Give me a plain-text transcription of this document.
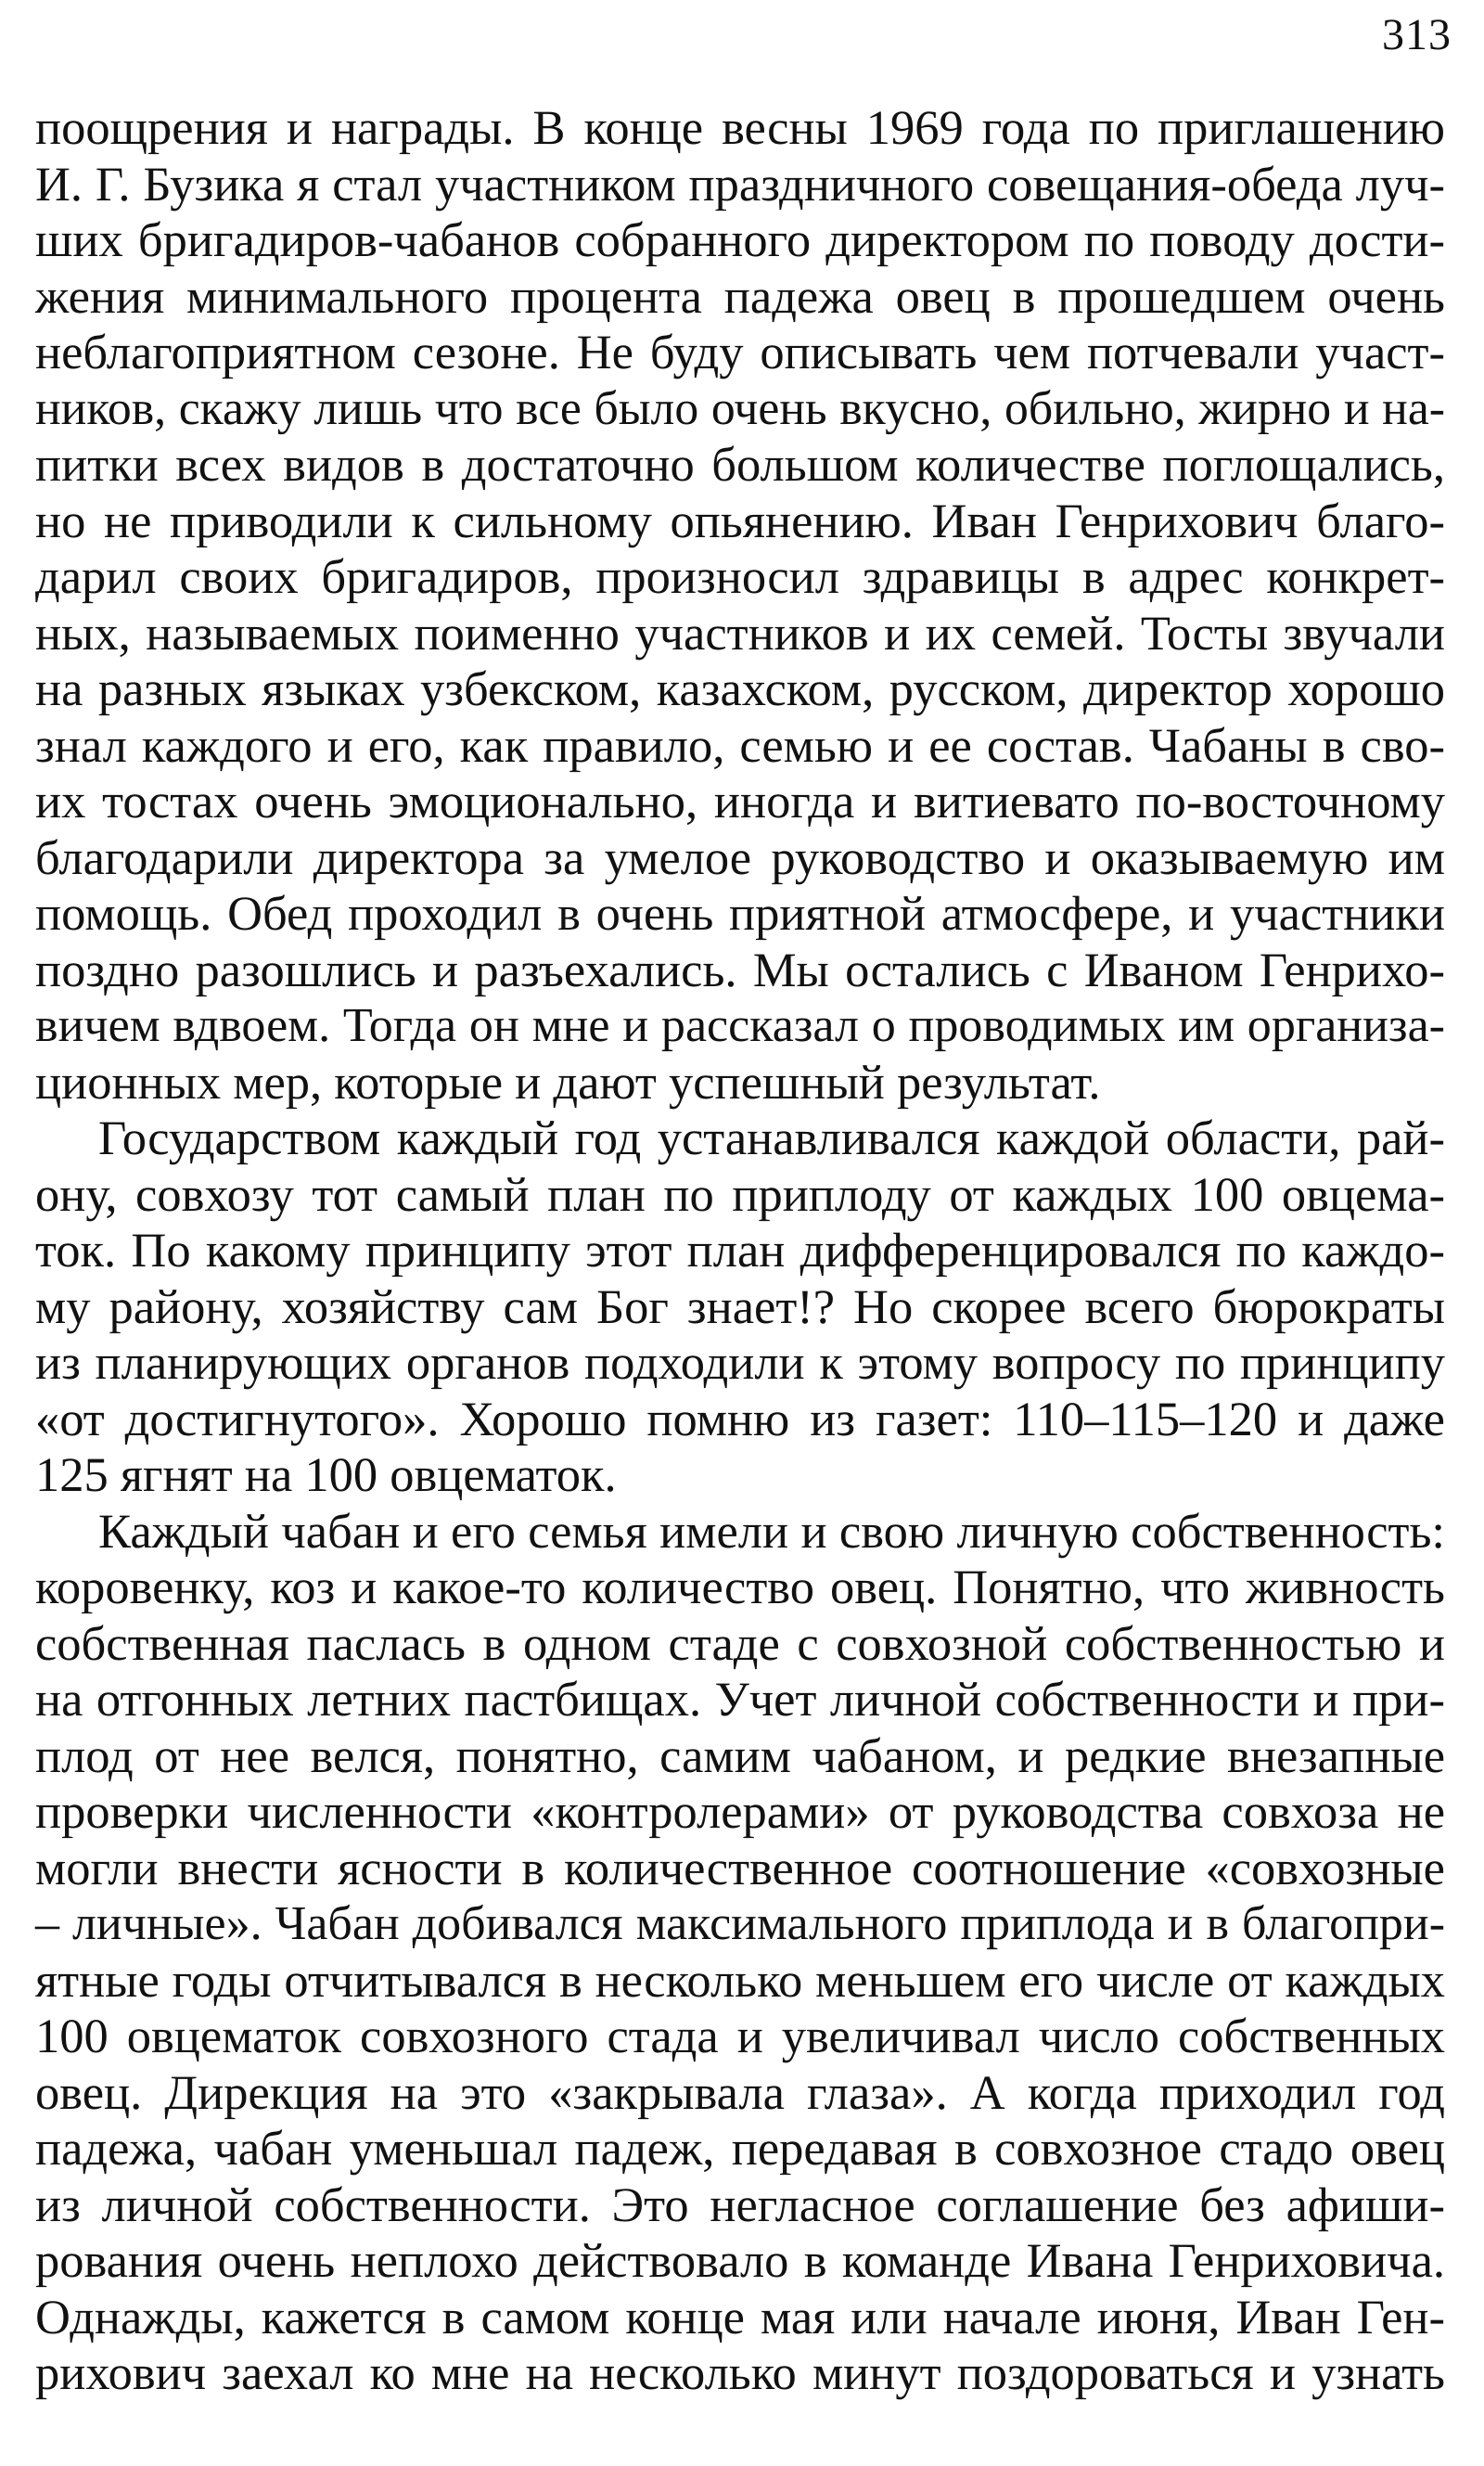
313

поощрения и награды. В конце весны 1969 года по приглашению

И. Г. Бузика я стал участником праздничного совещания-обеда луч-

ших бригадиров-чабанов собранного директором по поводу дости-

жения минимального процента падежа овец в прошедшем очень

неблагоприятном сезоне. Не буду описывать чем потчевали участ-

ников, скажу лишь что все было очень вкусно, обильно, жирно и на-

питки всех видов в достаточно большом количестве поглощались,

но не приводили к сильному опьянению. Иван Генрихович благо-

дарил своих бригадиров, произносил здравицы в адрес конкрет-

ных, называемых поименно участников и их семей. Тосты звучали

на разных языках узбекском, казахском, русском, директор хорошо

знал каждого и его, как правило, семью и ее состав. Чабаны в сво-

их тостах очень эмоционально, иногда и витиевато по-восточному

благодарили директора за умелое руководство и оказываемую им

помощь. Обед проходил в очень приятной атмосфере, и участники

поздно разошлись и разъехались. Мы остались с Иваном Генрихо-

вичем вдвоем. Тогда он мне и рассказал о проводимых им организа-

ционных мер, которые и дают успешный результат.

Государством каждый год устанавливался каждой области, рай-

ону, совхозу тот самый план по приплоду от каждых 100 овцема-

ток. По какому принципу этот план дифференцировался по каждо-

му району, хозяйству сам Бог знает!? Но скорее всего бюрократы

из планирующих органов подходили к этому вопросу по принципу

«от достигнутого». Хорошо помню из газет: 110–115–120 и даже

125 ягнят на 100 овцематок.

Каждый чабан и его семья имели и свою личную собственность:

коровенку, коз и какое-то количество овец. Понятно, что живность

собственная паслась в одном стаде с совхозной собственностью и

на отгонных летних пастбищах. Учет личной собственности и при-

плод от нее велся, понятно, самим чабаном, и редкие внезапные

проверки численности «контролерами» от руководства совхоза не

могли внести ясности в количественное соотношение «совхозные

– личные». Чабан добивался максимального приплода и в благопри-

ятные годы отчитывался в несколько меньшем его числе от каждых

100 овцематок совхозного стада и увеличивал число собственных

овец. Дирекция на это «закрывала глаза». А когда приходил год

падежа, чабан уменьшал падеж, передавая в совхозное стадо овец

из личной собственности. Это негласное соглашение без афиши-

рования очень неплохо действовало в команде Ивана Генриховича.

Однажды, кажется в самом конце мая или начале июня, Иван Ген-

рихович заехал ко мне на несколько минут поздороваться и узнать
